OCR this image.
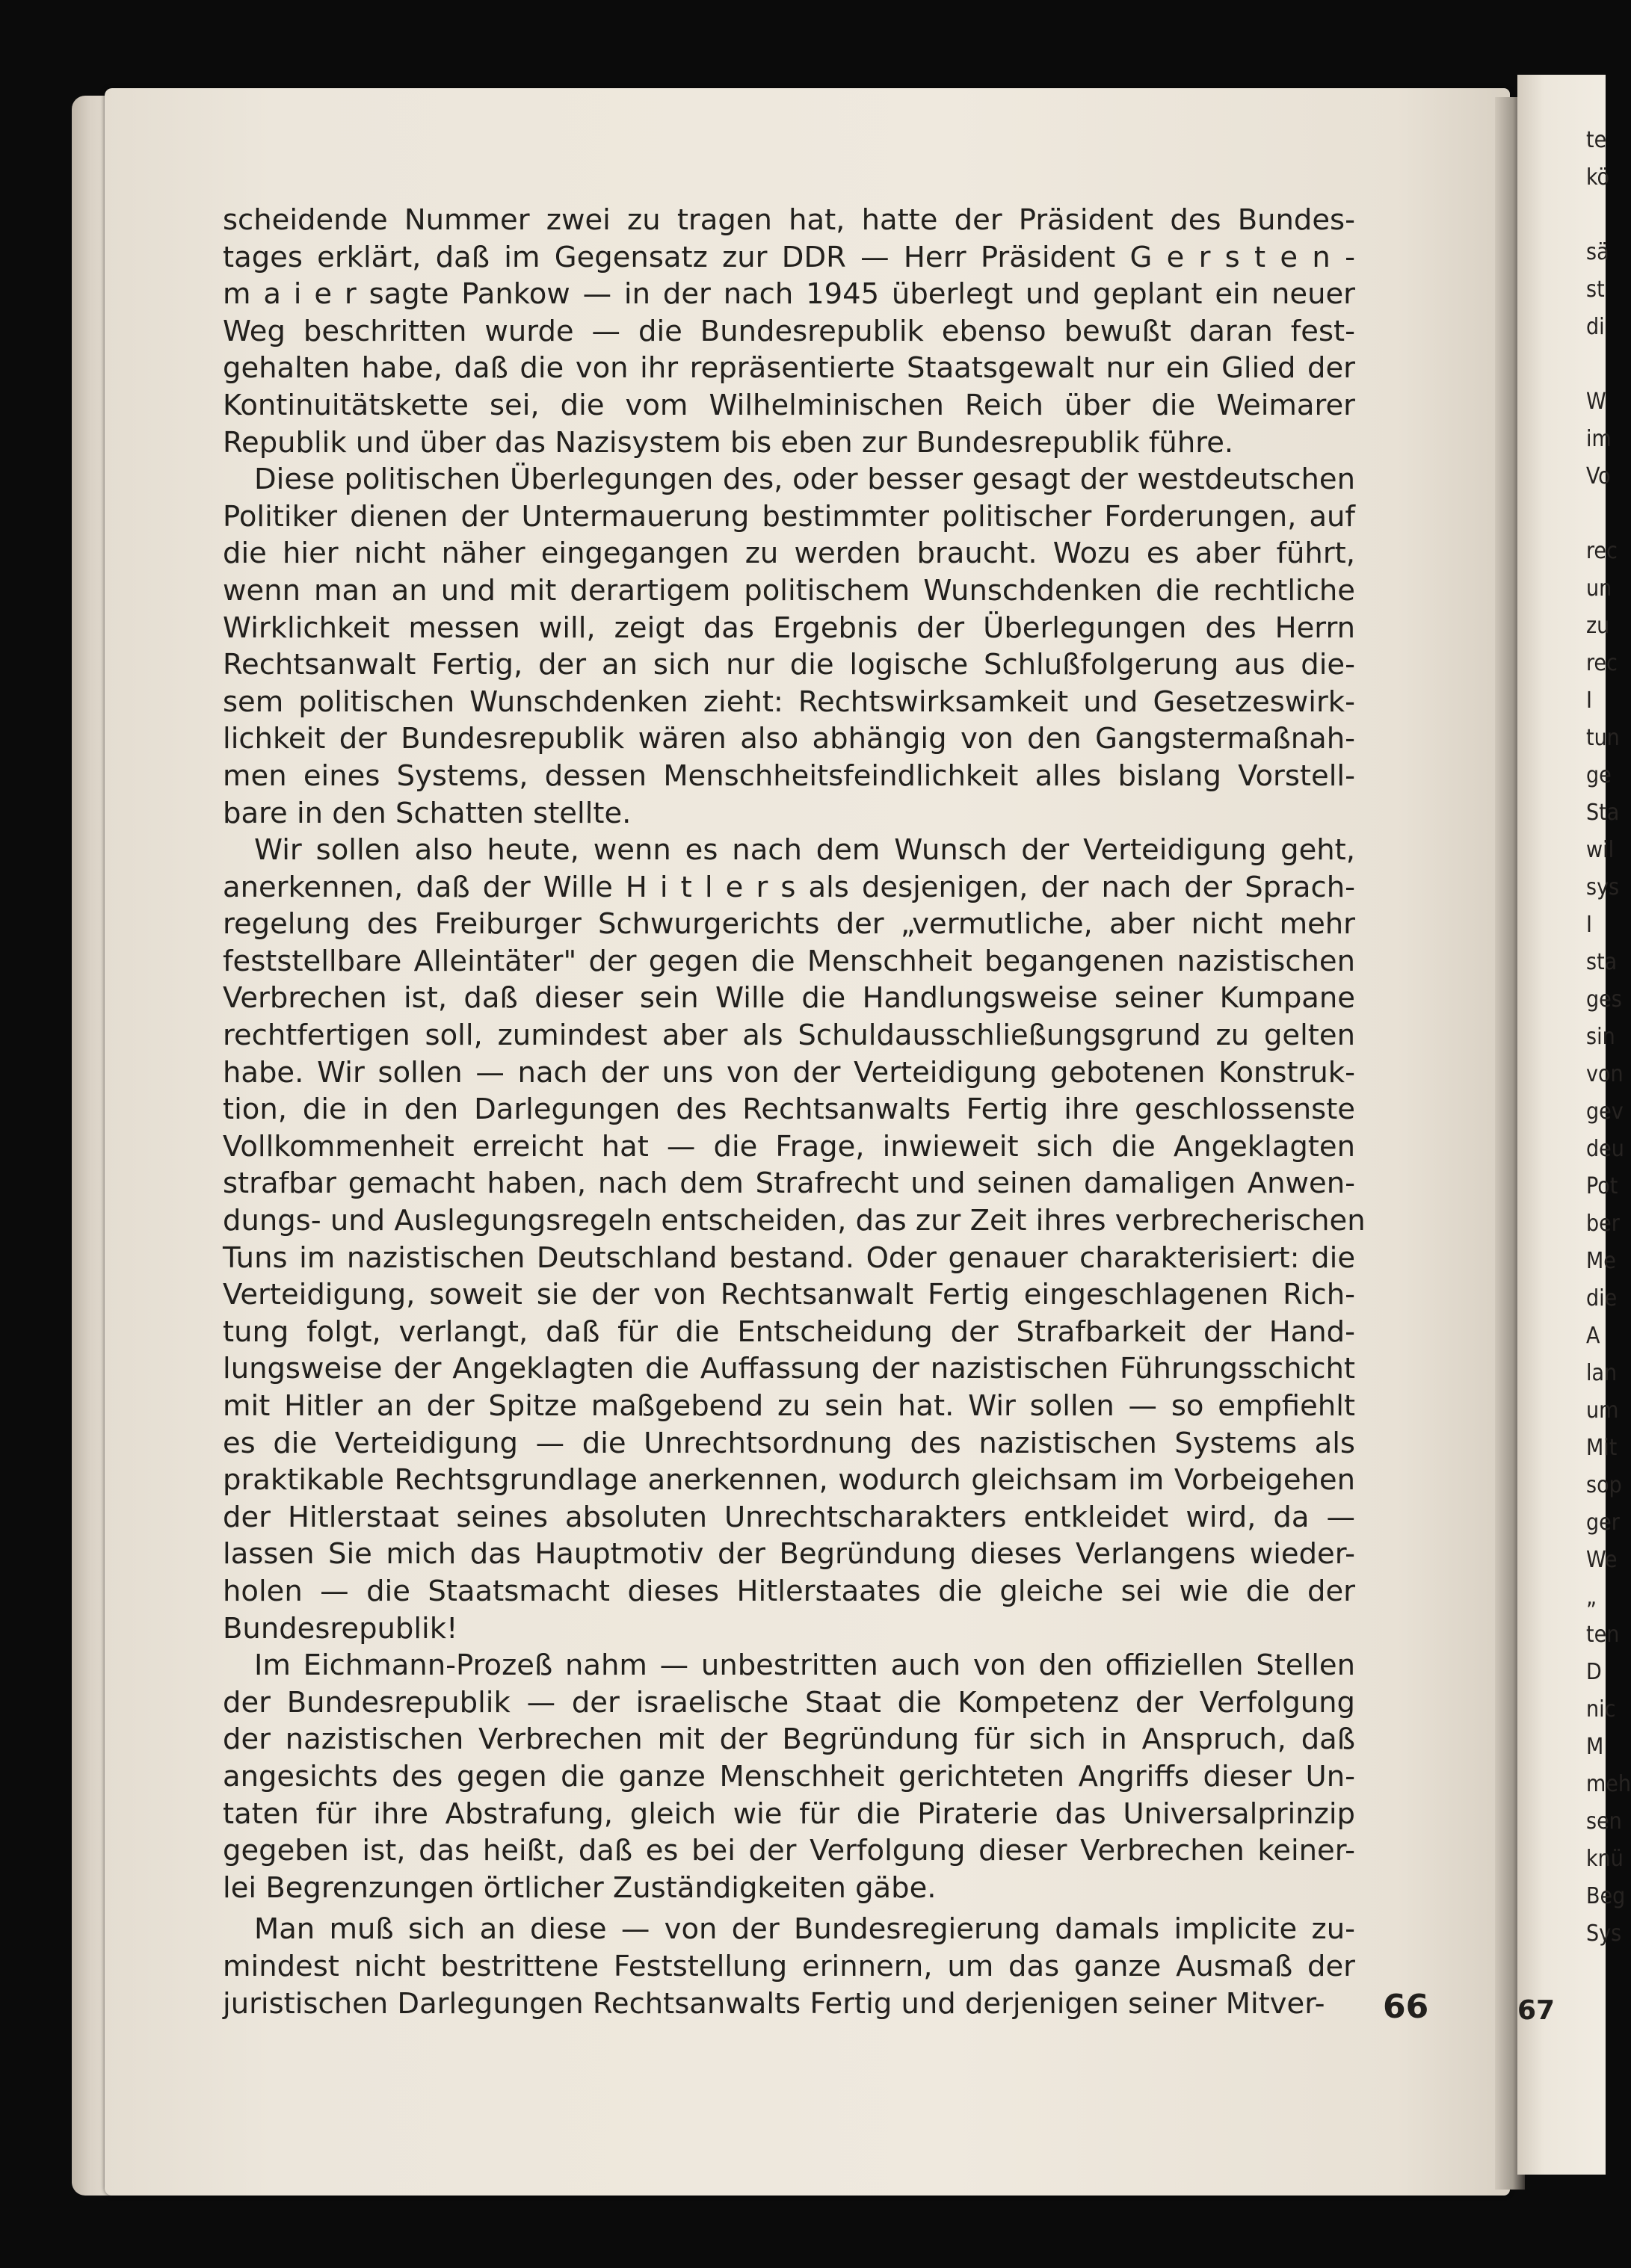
te
kö
sä
st
di
W
im
Vo
rec
un
zu
rec
I
tun
ge
Sta
wil
sys
I
sta
ges
sin
von
gev
deu
Pot
ber
Me
die
A
lan
um
Mit
sop
ger
We
„
ten
D
nic
M
meh
sen
knü
Beg
Sys
scheidende Nummer zwei zu tragen hat, hatte der Präsident des Bundes-
tages erklärt, daß im Gegensatz zur DDR — Herr Präsident G e r s t e n -
m a i e r sagte Pankow — in der nach 1945 überlegt und geplant ein neuer
Weg beschritten wurde — die Bundesrepublik ebenso bewußt daran fest-
gehalten habe, daß die von ihr repräsentierte Staatsgewalt nur ein Glied der
Kontinuitätskette sei, die vom Wilhelminischen Reich über die Weimarer
Republik und über das Nazisystem bis eben zur Bundesrepublik führe.
Diese politischen Überlegungen des, oder besser gesagt der westdeutschen
Politiker dienen der Untermauerung bestimmter politischer Forderungen, auf
die hier nicht näher eingegangen zu werden braucht. Wozu es aber führt,
wenn man an und mit derartigem politischem Wunschdenken die rechtliche
Wirklichkeit messen will, zeigt das Ergebnis der Überlegungen des Herrn
Rechtsanwalt Fertig, der an sich nur die logische Schlußfolgerung aus die-
sem politischen Wunschdenken zieht: Rechtswirksamkeit und Gesetzeswirk-
lichkeit der Bundesrepublik wären also abhängig von den Gangstermaßnah-
men eines Systems, dessen Menschheitsfeindlichkeit alles bislang Vorstell-
bare in den Schatten stellte.
Wir sollen also heute, wenn es nach dem Wunsch der Verteidigung geht,
anerkennen, daß der Wille H i t l e r s als desjenigen, der nach der Sprach-
regelung des Freiburger Schwurgerichts der „vermutliche, aber nicht mehr
feststellbare Alleintäter" der gegen die Menschheit begangenen nazistischen
Verbrechen ist, daß dieser sein Wille die Handlungsweise seiner Kumpane
rechtfertigen soll, zumindest aber als Schuldausschließungsgrund zu gelten
habe. Wir sollen — nach der uns von der Verteidigung gebotenen Konstruk-
tion, die in den Darlegungen des Rechtsanwalts Fertig ihre geschlossenste
Vollkommenheit erreicht hat — die Frage, inwieweit sich die Angeklagten
strafbar gemacht haben, nach dem Strafrecht und seinen damaligen Anwen-
dungs- und Auslegungsregeln entscheiden, das zur Zeit ihres verbrecherischen
Tuns im nazistischen Deutschland bestand. Oder genauer charakterisiert: die
Verteidigung, soweit sie der von Rechtsanwalt Fertig eingeschlagenen Rich-
tung folgt, verlangt, daß für die Entscheidung der Strafbarkeit der Hand-
lungsweise der Angeklagten die Auffassung der nazistischen Führungsschicht
mit Hitler an der Spitze maßgebend zu sein hat. Wir sollen — so empfiehlt
es die Verteidigung — die Unrechtsordnung des nazistischen Systems als
praktikable Rechtsgrundlage anerkennen, wodurch gleichsam im Vorbeigehen
der Hitlerstaat seines absoluten Unrechtscharakters entkleidet wird, da —
lassen Sie mich das Hauptmotiv der Begründung dieses Verlangens wieder-
holen — die Staatsmacht dieses Hitlerstaates die gleiche sei wie die der
Bundesrepublik!
Im Eichmann-Prozeß nahm — unbestritten auch von den offiziellen Stellen
der Bundesrepublik — der israelische Staat die Kompetenz der Verfolgung
der nazistischen Verbrechen mit der Begründung für sich in Anspruch, daß
angesichts des gegen die ganze Menschheit gerichteten Angriffs dieser Un-
taten für ihre Abstrafung, gleich wie für die Piraterie das Universalprinzip
gegeben ist, das heißt, daß es bei der Verfolgung dieser Verbrechen keiner-
lei Begrenzungen örtlicher Zuständigkeiten gäbe.
Man muß sich an diese — von der Bundesregierung damals implicite zu-
mindest nicht bestrittene Feststellung erinnern, um das ganze Ausmaß der
juristischen Darlegungen Rechtsanwalts Fertig und derjenigen seiner Mitver-	66	67
